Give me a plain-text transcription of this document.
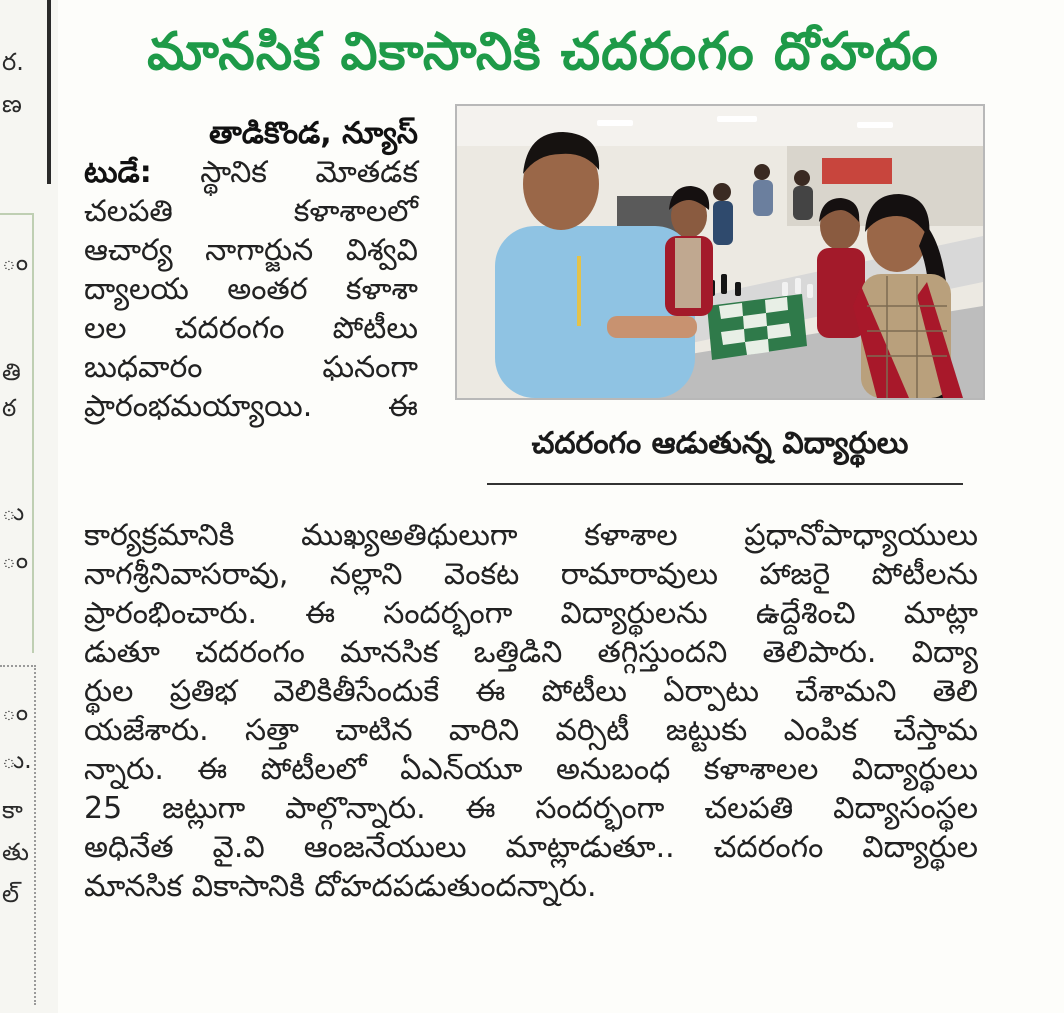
ర.
ణ
ం
తి
ఠ
ు
ం
ం
ు.
కా
తు
ల్
మానసిక వికాసానికి చదరంగం దోహదం

తాడికొండ, న్యూస్
టుడే: స్థానిక మోతడక
చలపతి కళాశాలలో
ఆచార్య నాగార్జున విశ్వవి
ద్యాలయ అంతర కళాశా
లల చదరంగం పోటీలు
బుధవారం ఘనంగా
ప్రారంభమయ్యాయి. ఈ

చదరంగం ఆడుతున్న విద్యార్థులు

కార్యక్రమానికి ముఖ్యఅతిథులుగా కళాశాల ప్రధానోపాధ్యాయులు
నాగశ్రీనివాసరావు, నల్లాని వెంకట రామారావులు హాజరై పోటీలను
ప్రారంభించారు. ఈ సందర్భంగా విద్యార్థులను ఉద్దేశించి మాట్లా
డుతూ చదరంగం మానసిక ఒత్తిడిని తగ్గిస్తుందని తెలిపారు. విద్యా
ర్థుల ప్రతిభ వెలికితీసేందుకే ఈ పోటీలు ఏర్పాటు చేశామని తెలి
యజేశారు. సత్తా చాటిన వారిని వర్సిటీ జట్టుకు ఎంపిక చేస్తామ
న్నారు. ఈ పోటీలలో ఏఎన్‌యూ అనుబంధ కళాశాలల విద్యార్థులు
25 జట్లుగా పాల్గొన్నారు. ఈ సందర్భంగా చలపతి విద్యాసంస్థల
అధినేత వై.వి ఆంజనేయులు మాట్లాడుతూ.. చదరంగం విద్యార్థుల
మానసిక వికాసానికి దోహదపడుతుందన్నారు.
